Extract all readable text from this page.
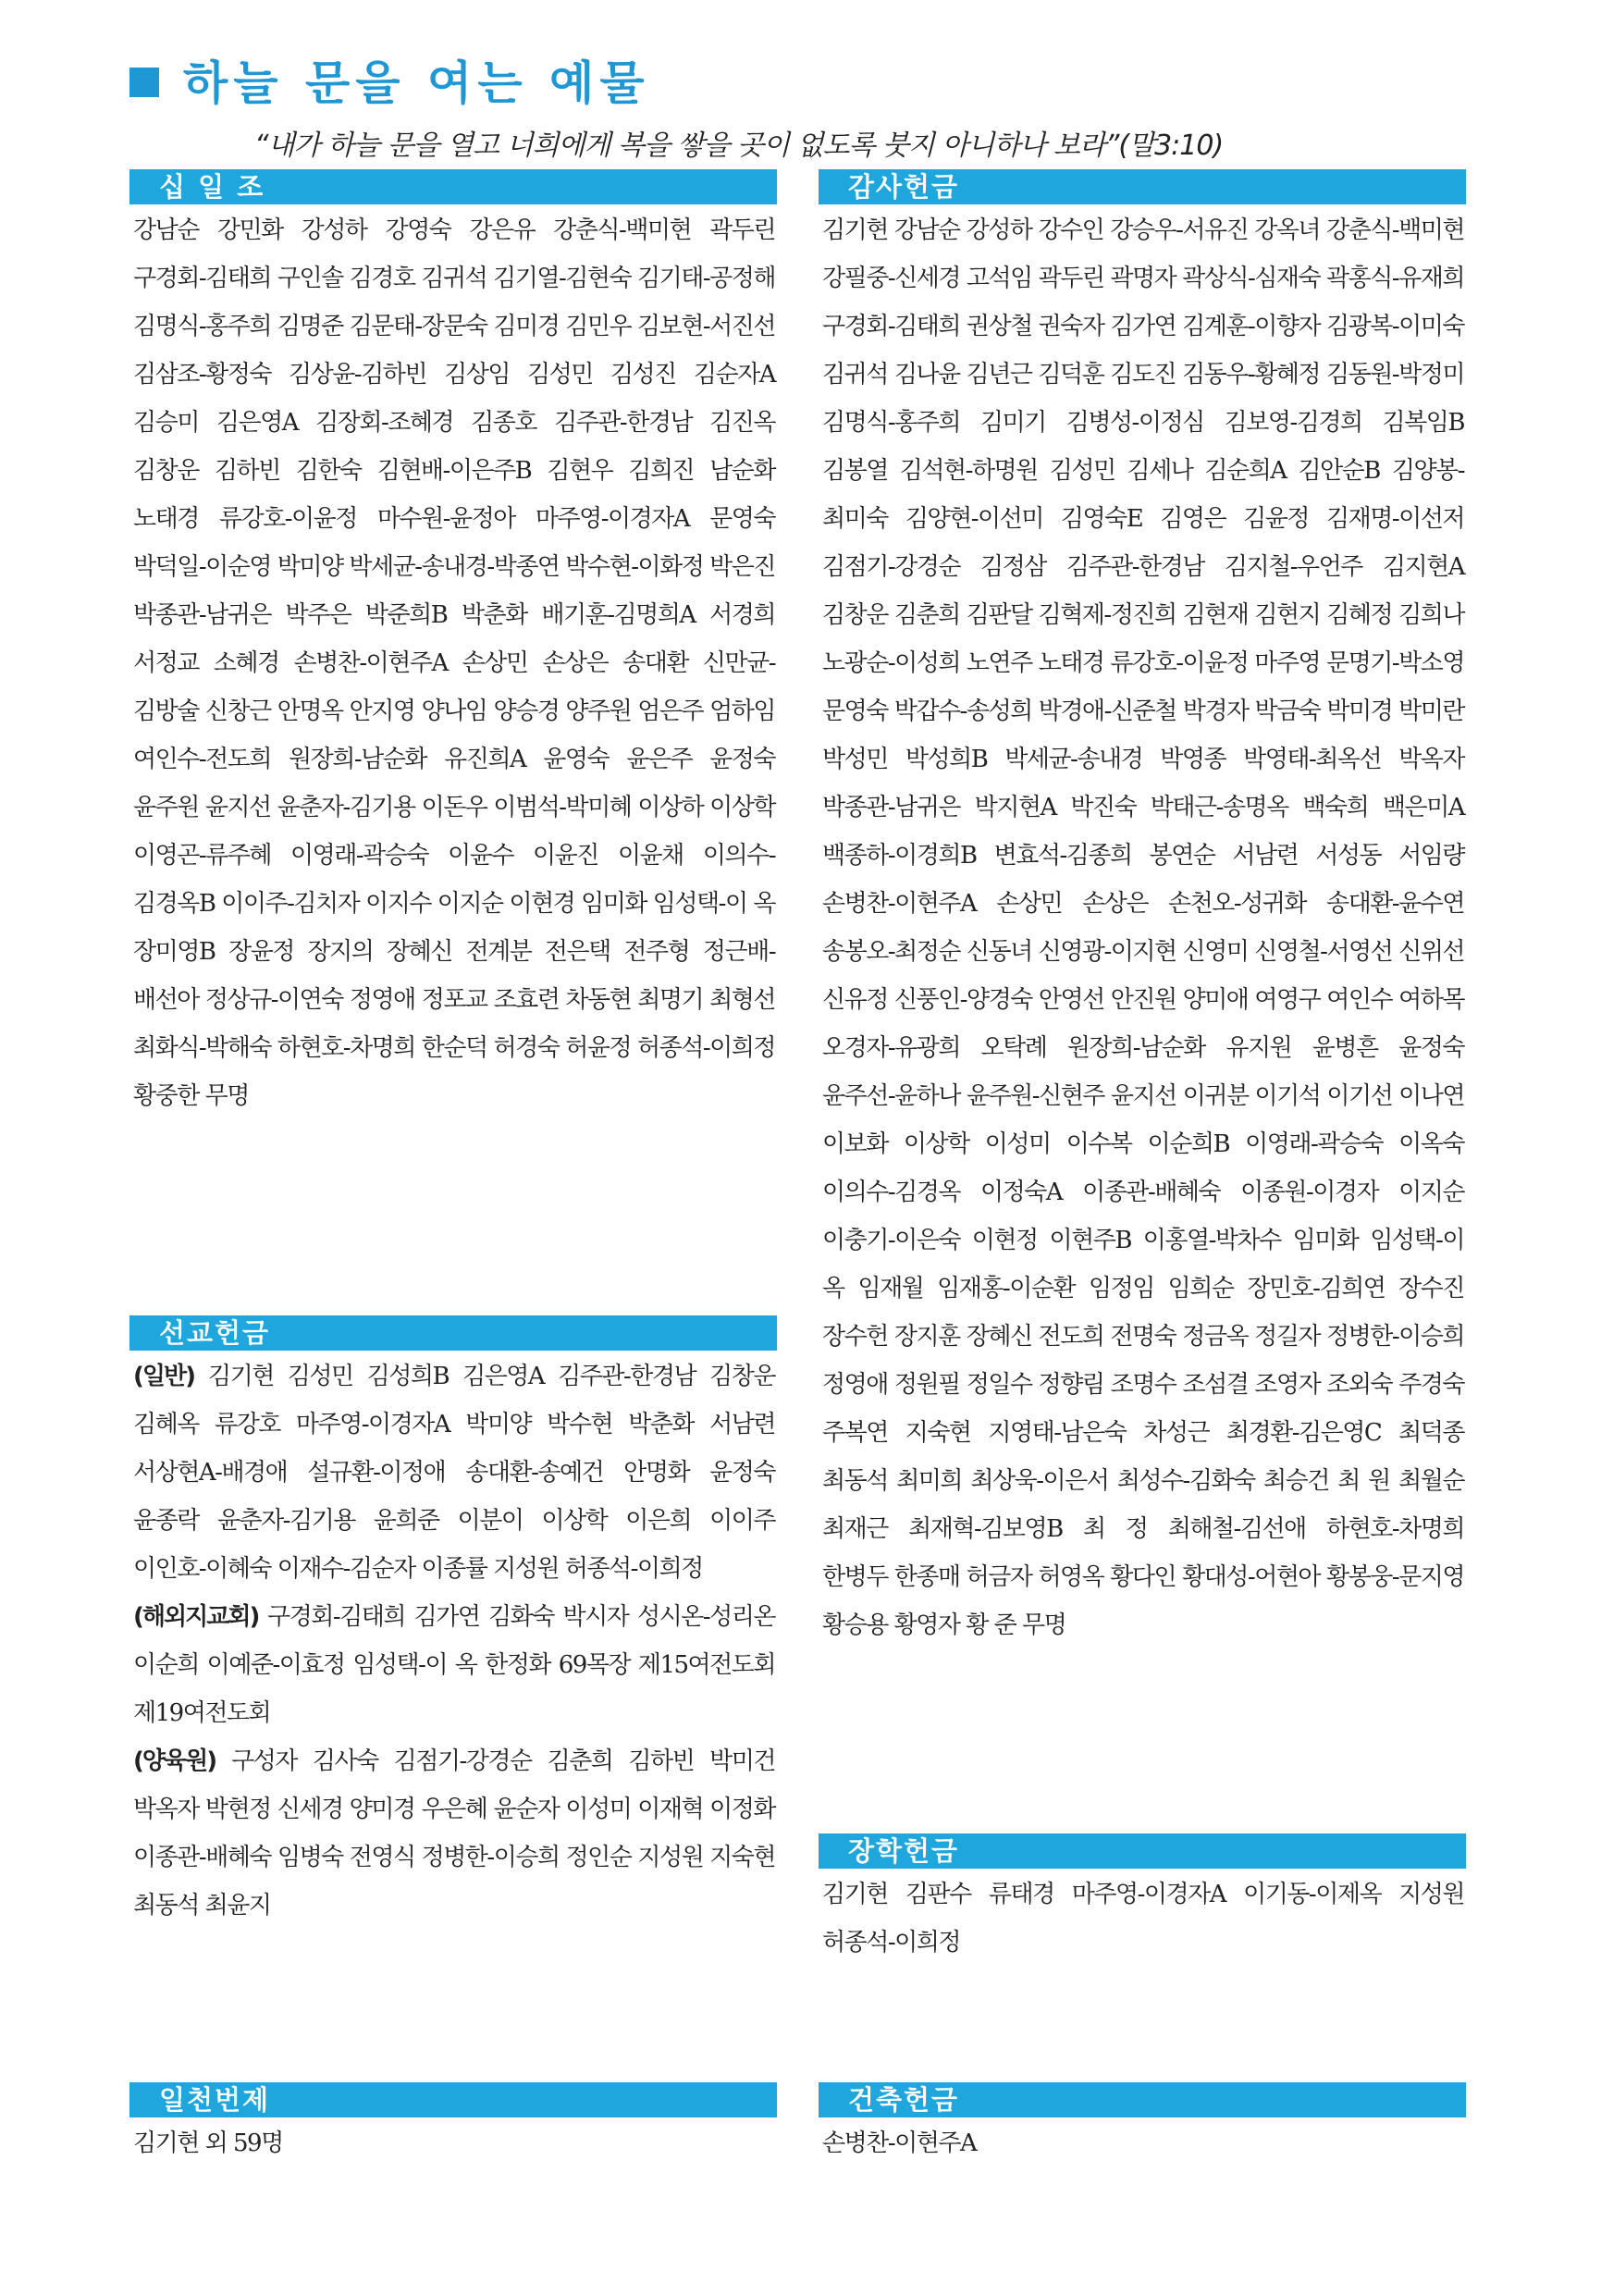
하늘 문을 여는 예물
“내가 하늘 문을 열고 너희에게 복을 쌓을 곳이 없도록 붓지 아니하나 보라”(말3:10)
십 일 조
강남순 강민화 강성하 강영숙 강은유 강춘식-백미현 곽두린 구경회-김태희 구인솔 김경호 김귀석 김기열-김현숙 김기태-공정해 김명식-홍주희 김명준 김문태-장문숙 김미경 김민우 김보현-서진선 김삼조-황정숙 김상윤-김하빈 김상임 김성민 김성진 김순자A 김승미 김은영A 김장회-조혜경 김종호 김주관-한경남 김진옥 김창운 김하빈 김한숙 김현배-이은주B 김현우 김희진 남순화 노태경 류강호-이윤정 마수원-윤정아 마주영-이경자A 문영숙 박덕일-이순영 박미양 박세균-송내경-박종연 박수현-이화정 박은진 박종관-남귀은 박주은 박준희B 박춘화 배기훈-김명희A 서경희 서정교 소혜경 손병찬-이현주A 손상민 손상은 송대환 신만균-김방술 신창근 안명옥 안지영 양나임 양승경 양주원 엄은주 엄하임 여인수-전도희 원장희-남순화 유진희A 윤영숙 윤은주 윤정숙 윤주원 윤지선 윤춘자-김기용 이돈우 이범석-박미혜 이상하 이상학 이영곤-류주혜 이영래-곽승숙 이윤수 이윤진 이윤채 이의수-김경옥B 이이주-김치자 이지수 이지순 이현경 임미화 임성택-이 옥 장미영B 장윤정 장지의 장혜신 전계분 전은택 전주형 정근배-배선아 정상규-이연숙 정영애 정포교 조효련 차동현 최명기 최형선 최화식-박해숙 하현호-차명희 한순덕 허경숙 허윤정 허종석-이희정 황중한 무명
선교헌금
(일반) 김기현 김성민 김성희B 김은영A 김주관-한경남 김창운 김혜옥 류강호 마주영-이경자A 박미양 박수현 박춘화 서남련 서상현A-배경애 설규환-이정애 송대환-송예건 안명화 윤정숙 윤종락 윤춘자-김기용 윤희준 이분이 이상학 이은희 이이주 이인호-이혜숙 이재수-김순자 이종률 지성원 허종석-이희정
(해외지교회) 구경회-김태희 김가연 김화숙 박시자 성시온-성리온 이순희 이예준-이효정 임성택-이 옥 한정화 69목장 제15여전도회 제19여전도회
(양육원) 구성자 김사숙 김점기-강경순 김춘희 김하빈 박미건 박옥자 박현정 신세경 양미경 우은혜 윤순자 이성미 이재혁 이정화 이종관-배혜숙 임병숙 전영식 정병한-이승희 정인순 지성원 지숙현 최동석 최윤지
일천번제
김기현 외 59명
감사헌금
김기현 강남순 강성하 강수인 강승우-서유진 강옥녀 강춘식-백미현 강필중-신세경 고석임 곽두린 곽명자 곽상식-심재숙 곽홍식-유재희 구경회-김태희 권상철 권숙자 김가연 김계훈-이향자 김광복-이미숙 김귀석 김나윤 김년근 김덕훈 김도진 김동우-황혜정 김동원-박정미 김명식-홍주희 김미기 김병성-이정심 김보영-김경희 김복임B 김봉열 김석현-하명원 김성민 김세나 김순희A 김안순B 김양봉-최미숙 김양현-이선미 김영숙E 김영은 김윤정 김재명-이선저 김점기-강경순 김정삼 김주관-한경남 김지철-우언주 김지현A 김창운 김춘희 김판달 김혁제-정진희 김현재 김현지 김혜정 김희나 노광순-이성희 노연주 노태경 류강호-이윤정 마주영 문명기-박소영 문영숙 박갑수-송성희 박경애-신준철 박경자 박금숙 박미경 박미란 박성민 박성희B 박세균-송내경 박영종 박영태-최옥선 박옥자 박종관-남귀은 박지현A 박진숙 박태근-송명옥 백숙희 백은미A 백종하-이경희B 변효석-김종희 봉연순 서남련 서성동 서임량 손병찬-이현주A 손상민 손상은 손천오-성귀화 송대환-윤수연 송봉오-최정순 신동녀 신영광-이지현 신영미 신영철-서영선 신위선 신유정 신풍인-양경숙 안영선 안진원 양미애 여영구 여인수 여하목 오경자-유광희 오탁례 원장희-남순화 유지원 윤병흔 윤정숙 윤주선-윤하나 윤주원-신현주 윤지선 이귀분 이기석 이기선 이나연 이보화 이상학 이성미 이수복 이순희B 이영래-곽승숙 이옥숙 이의수-김경옥 이정숙A 이종관-배혜숙 이종원-이경자 이지순 이충기-이은숙 이현정 이현주B 이홍열-박차수 임미화 임성택-이 옥 임재월 임재홍-이순환 임정임 임희순 장민호-김희연 장수진 장수헌 장지훈 장혜신 전도희 전명숙 정금옥 정길자 정병한-이승희 정영애 정원필 정일수 정향림 조명수 조섬결 조영자 조외숙 주경숙 주복연 지숙현 지영태-남은숙 차성근 최경환-김은영C 최덕종 최동석 최미희 최상욱-이은서 최성수-김화숙 최승건 최 원 최월순 최재근 최재혁-김보영B 최 정 최해철-김선애 하현호-차명희 한병두 한종매 허금자 허영옥 황다인 황대성-어현아 황봉웅-문지영 황승용 황영자 황 준 무명
장학헌금
김기현 김판수 류태경 마주영-이경자A 이기동-이제옥 지성원 허종석-이희정
건축헌금
손병찬-이현주A
